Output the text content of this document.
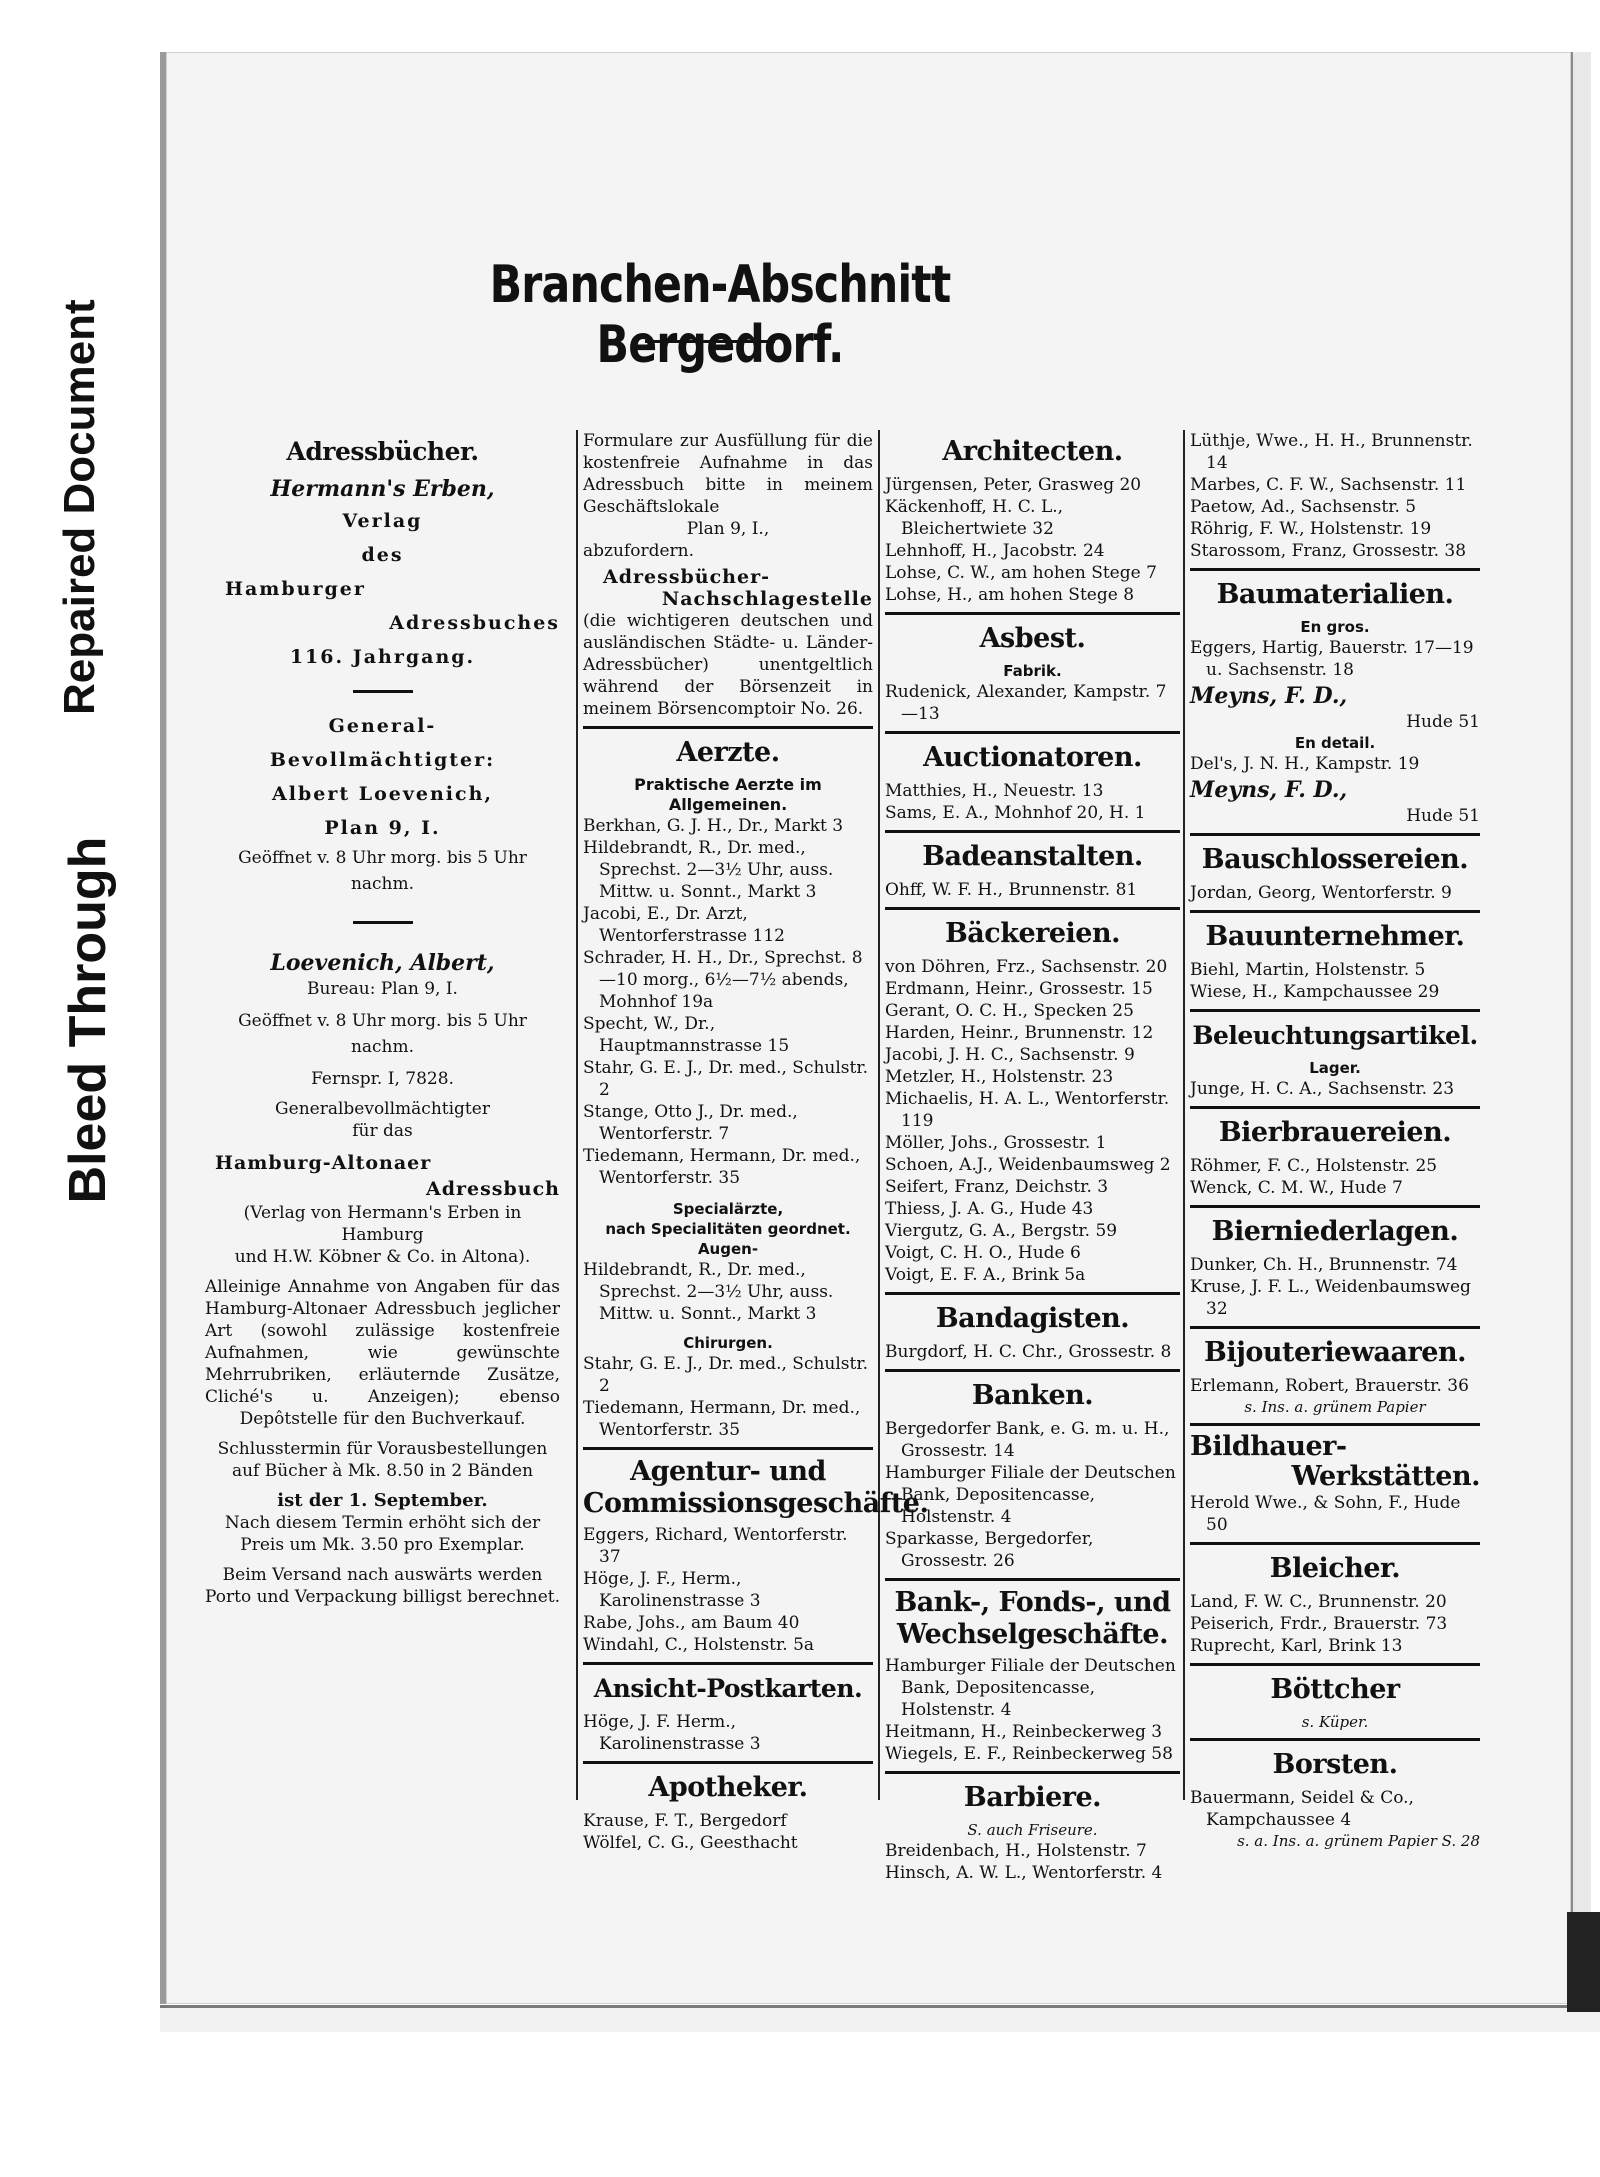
Bleed Through
Repaired Document
Branchen-Abschnitt Bergedorf.
Adressbücher.
Hermann's Erben,
Verlag
des
Hamburger
Adressbuches
116. Jahrgang.
General-
Bevollmächtigter:
Albert Loevenich,
Plan 9, I.
Geöffnet v. 8 Uhr morg. bis 5 Uhr nachm.
Loevenich, Albert,
Bureau: Plan 9, I.
Geöffnet v. 8 Uhr morg. bis 5 Uhr nachm.
Fernspr. I, 7828.
Generalbevollmächtigter
für das
Hamburg-Altonaer
Adressbuch
(Verlag von Hermann's Erben in Hamburg
und H.W. Köbner & Co. in Altona).
Alleinige Annahme von Angaben für das Hamburg-Altonaer Adressbuch jeglicher Art (sowohl zulässige kostenfreie Aufnahmen, wie gewünschte Mehrrubriken, erläuternde Zusätze, Cliché's u. Anzeigen); ebenso Depôtstelle für den Buchverkauf.
Schlusstermin für Vorausbestellungen auf Bücher à Mk. 8.50 in 2 Bänden
ist der 1. September.
Nach diesem Termin erhöht sich der Preis um Mk. 3.50 pro Exemplar.
Beim Versand nach auswärts werden Porto und Verpackung billigst berechnet.
Formulare zur Ausfüllung für die kostenfreie Aufnahme in das Adressbuch bitte in meinem Geschäftslokale
Plan 9, I.,
abzufordern.
Adressbücher-
Nachschlagestelle
(die wichtigeren deutschen und ausländischen Städte- u. Länder-Adressbücher) unentgeltlich während der Börsenzeit in meinem Börsencomptoir No. 26.
Aerzte.
Praktische Aerzte im Allgemeinen.

Berkhan, G. J. H., Dr., Markt 3

Hildebrandt, R., Dr. med., Sprechst. 2—3½ Uhr, auss. Mittw. u. Sonnt., Markt 3

Jacobi, E., Dr. Arzt, Wentorferstrasse 112

Schrader, H. H., Dr., Sprechst. 8—10 morg., 6½—7½ abends, Mohnhof 19a

Specht, W., Dr., Hauptmannstrasse 15

Stahr, G. E. J., Dr. med., Schulstr. 2

Stange, Otto J., Dr. med., Wentorferstr. 7

Tiedemann, Hermann, Dr. med., Wentorferstr. 35

Specialärzte,
nach Specialitäten geordnet.
Augen-

Hildebrandt, R., Dr. med., Sprechst. 2—3½ Uhr, auss. Mittw. u. Sonnt., Markt 3

Chirurgen.

Stahr, G. E. J., Dr. med., Schulstr. 2

Tiedemann, Hermann, Dr. med., Wentorferstr. 35

Agentur- und Commissionsgeschäfte.

Eggers, Richard, Wentorferstr. 37

Höge, J. F., Herm., Karolinenstrasse 3

Rabe, Johs., am Baum 40

Windahl, C., Holstenstr. 5a

Ansicht-Postkarten.

Höge, J. F. Herm., Karolinenstrasse 3

Apotheker.

Krause, F. T., Bergedorf

Wölfel, C. G., Geesthacht

Architecten.

Jürgensen, Peter, Grasweg 20

Käckenhoff, H. C. L., Bleichertwiete 32

Lehnhoff, H., Jacobstr. 24

Lohse, C. W., am hohen Stege 7

Lohse, H., am hohen Stege 8

Asbest.
Fabrik.

Rudenick, Alexander, Kampstr. 7—13

Auctionatoren.

Matthies, H., Neuestr. 13

Sams, E. A., Mohnhof 20, H. 1

Badeanstalten.

Ohff, W. F. H., Brunnenstr. 81

Bäckereien.

von Döhren, Frz., Sachsenstr. 20

Erdmann, Heinr., Grossestr. 15

Gerant, O. C. H., Specken 25

Harden, Heinr., Brunnenstr. 12

Jacobi, J. H. C., Sachsenstr. 9

Metzler, H., Holstenstr. 23

Michaelis, H. A. L., Wentorferstr. 119

Möller, Johs., Grossestr. 1

Schoen, A.J., Weidenbaumsweg 2

Seifert, Franz, Deichstr. 3

Thiess, J. A. G., Hude 43

Viergutz, G. A., Bergstr. 59

Voigt, C. H. O., Hude 6

Voigt, E. F. A., Brink 5a

Bandagisten.

Burgdorf, H. C. Chr., Grossestr. 8

Banken.

Bergedorfer Bank, e. G. m. u. H., Grossestr. 14

Hamburger Filiale der Deutschen Bank, Depositencasse, Holstenstr. 4

Sparkasse, Bergedorfer, Grossestr. 26

Bank-, Fonds-, und Wechselgeschäfte.

Hamburger Filiale der Deutschen Bank, Depositencasse, Holstenstr. 4

Heitmann, H., Reinbeckerweg 3

Wiegels, E. F., Reinbeckerweg 58

Barbiere.
S. auch Friseure.

Breidenbach, H., Holstenstr. 7

Hinsch, A. W. L., Wentorferstr. 4

Lüthje, Wwe., H. H., Brunnenstr. 14

Marbes, C. F. W., Sachsenstr. 11

Paetow, Ad., Sachsenstr. 5

Röhrig, F. W., Holstenstr. 19

Starossom, Franz, Grossestr. 38

Baumaterialien.
En gros.

Eggers, Hartig, Bauerstr. 17—19 u. Sachsenstr. 18

Meyns, F. D.,
Hude 51
En detail.

Del's, J. N. H., Kampstr. 19

Meyns, F. D.,
Hude 51
Bauschlossereien.

Jordan, Georg, Wentorferstr. 9

Bauunternehmer.

Biehl, Martin, Holstenstr. 5

Wiese, H., Kampchaussee 29

Beleuchtungsartikel.
Lager.

Junge, H. C. A., Sachsenstr. 23

Bierbrauereien.

Röhmer, F. C., Holstenstr. 25

Wenck, C. M. W., Hude 7

Bierniederlagen.

Dunker, Ch. H., Brunnenstr. 74

Kruse, J. F. L., Weidenbaumsweg 32

Bijouteriewaaren.

Erlemann, Robert, Brauerstr. 36

s. Ins. a. grünem Papier
Bildhauer-
Werkstätten.

Herold Wwe., & Sohn, F., Hude 50

Bleicher.

Land, F. W. C., Brunnenstr. 20

Peiserich, Frdr., Brauerstr. 73

Ruprecht, Karl, Brink 13

Böttcher
s. Küper.
Borsten.

Bauermann, Seidel & Co., Kampchaussee 4

s. a. Ins. a. grünem Papier S. 28
